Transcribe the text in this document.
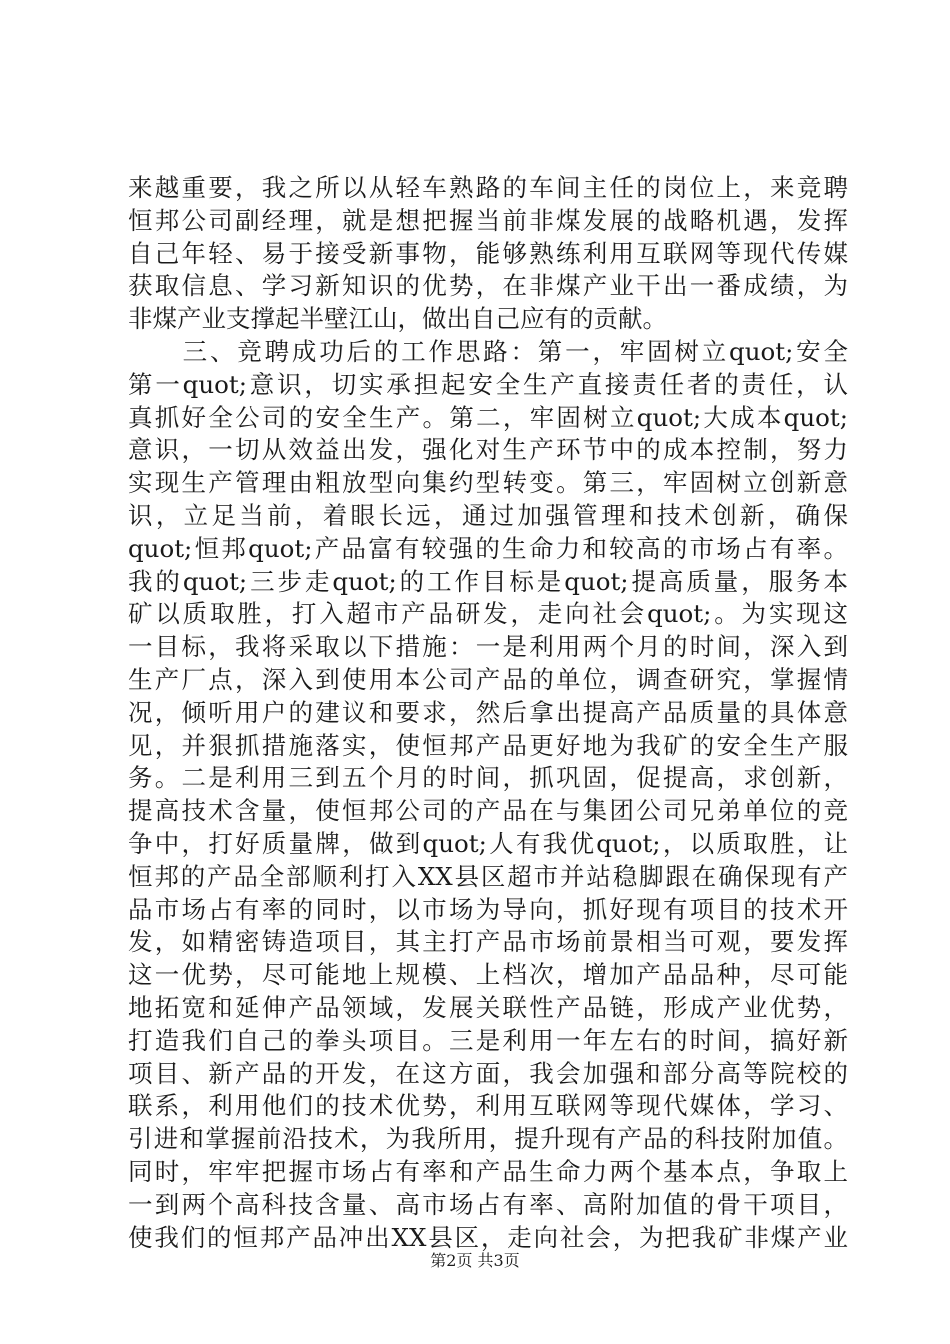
来越重要，我之所以从轻车熟路的车间主任的岗位上，来竞聘
恒邦公司副经理，就是想把握当前非煤发展的战略机遇，发挥
自己年轻、易于接受新事物，能够熟练利用互联网等现代传媒
获取信息、学习新知识的优势，在非煤产业干出一番成绩，为
非煤产业支撑起半壁江山，做出自己应有的贡献。
　　三、竞聘成功后的工作思路：第一，牢固树立quot;安全
第一quot;意识，切实承担起安全生产直接责任者的责任，认
真抓好全公司的安全生产。第二，牢固树立quot;大成本quot;
意识，一切从效益出发，强化对生产环节中的成本控制，努力
实现生产管理由粗放型向集约型转变。第三，牢固树立创新意
识，立足当前，着眼长远，通过加强管理和技术创新，确保
quot;恒邦quot;产品富有较强的生命力和较高的市场占有率。
我的quot;三步走quot;的工作目标是quot;提高质量，服务本
矿以质取胜，打入超市产品研发，走向社会quot;。为实现这
一目标，我将采取以下措施：一是利用两个月的时间，深入到
生产厂点，深入到使用本公司产品的单位，调查研究，掌握情
况，倾听用户的建议和要求，然后拿出提高产品质量的具体意
见，并狠抓措施落实，使恒邦产品更好地为我矿的安全生产服
务。二是利用三到五个月的时间，抓巩固，促提高，求创新，
提高技术含量，使恒邦公司的产品在与集团公司兄弟单位的竞
争中，打好质量牌，做到quot;人有我优quot;，以质取胜，让
恒邦的产品全部顺利打入XX县区超市并站稳脚跟在确保现有产
品市场占有率的同时，以市场为导向，抓好现有项目的技术开
发，如精密铸造项目，其主打产品市场前景相当可观，要发挥
这一优势，尽可能地上规模、上档次，增加产品品种，尽可能
地拓宽和延伸产品领域，发展关联性产品链，形成产业优势，
打造我们自己的拳头项目。三是利用一年左右的时间，搞好新
项目、新产品的开发，在这方面，我会加强和部分高等院校的
联系，利用他们的技术优势，利用互联网等现代媒体，学习、
引进和掌握前沿技术，为我所用，提升现有产品的科技附加值。
同时，牢牢把握市场占有率和产品生命力两个基本点，争取上
一到两个高科技含量、高市场占有率、高附加值的骨干项目，
使我们的恒邦产品冲出XX县区，走向社会，为把我矿非煤产业
第2页 共3页
